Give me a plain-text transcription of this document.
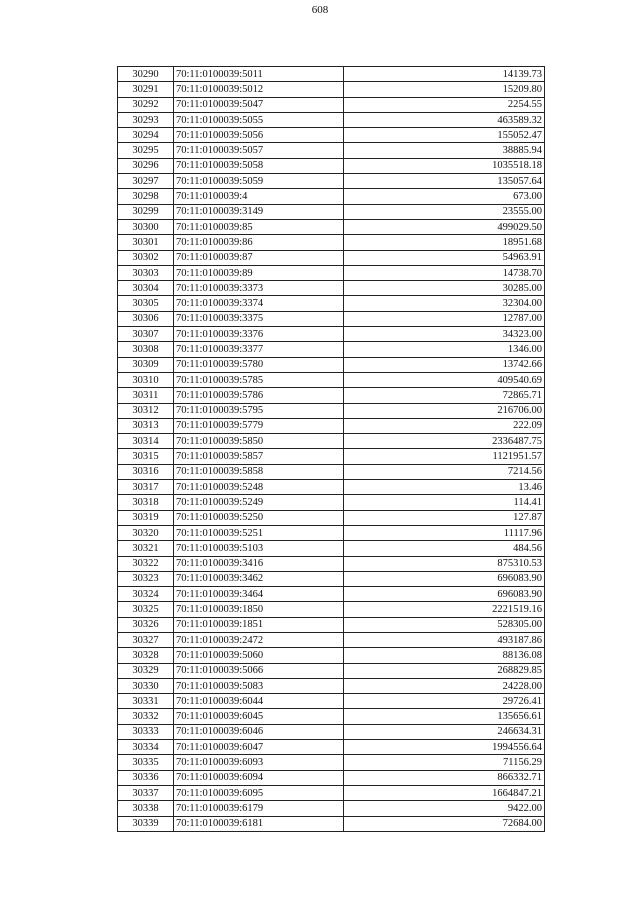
608
30290	70:11:0100039:5011	14139.73
30291	70:11:0100039:5012	15209.80
30292	70:11:0100039:5047	2254.55
30293	70:11:0100039:5055	463589.32
30294	70:11:0100039:5056	155052.47
30295	70:11:0100039:5057	38885.94
30296	70:11:0100039:5058	1035518.18
30297	70:11:0100039:5059	135057.64
30298	70:11:0100039:4	673.00
30299	70:11:0100039:3149	23555.00
30300	70:11:0100039:85	499029.50
30301	70:11:0100039:86	18951.68
30302	70:11:0100039:87	54963.91
30303	70:11:0100039:89	14738.70
30304	70:11:0100039:3373	30285.00
30305	70:11:0100039:3374	32304.00
30306	70:11:0100039:3375	12787.00
30307	70:11:0100039:3376	34323.00
30308	70:11:0100039:3377	1346.00
30309	70:11:0100039:5780	13742.66
30310	70:11:0100039:5785	409540.69
30311	70:11:0100039:5786	72865.71
30312	70:11:0100039:5795	216706.00
30313	70:11:0100039:5779	222.09
30314	70:11:0100039:5850	2336487.75
30315	70:11:0100039:5857	1121951.57
30316	70:11:0100039:5858	7214.56
30317	70:11:0100039:5248	13.46
30318	70:11:0100039:5249	114.41
30319	70:11:0100039:5250	127.87
30320	70:11:0100039:5251	11117.96
30321	70:11:0100039:5103	484.56
30322	70:11:0100039:3416	875310.53
30323	70:11:0100039:3462	696083.90
30324	70:11:0100039:3464	696083.90
30325	70:11:0100039:1850	2221519.16
30326	70:11:0100039:1851	528305.00
30327	70:11:0100039:2472	493187.86
30328	70:11:0100039:5060	88136.08
30329	70:11:0100039:5066	268829.85
30330	70:11:0100039:5083	24228.00
30331	70:11:0100039:6044	29726.41
30332	70:11:0100039:6045	135656.61
30333	70:11:0100039:6046	246634.31
30334	70:11:0100039:6047	1994556.64
30335	70:11:0100039:6093	71156.29
30336	70:11:0100039:6094	866332.71
30337	70:11:0100039:6095	1664847.21
30338	70:11:0100039:6179	9422.00
30339	70:11:0100039:6181	72684.00
